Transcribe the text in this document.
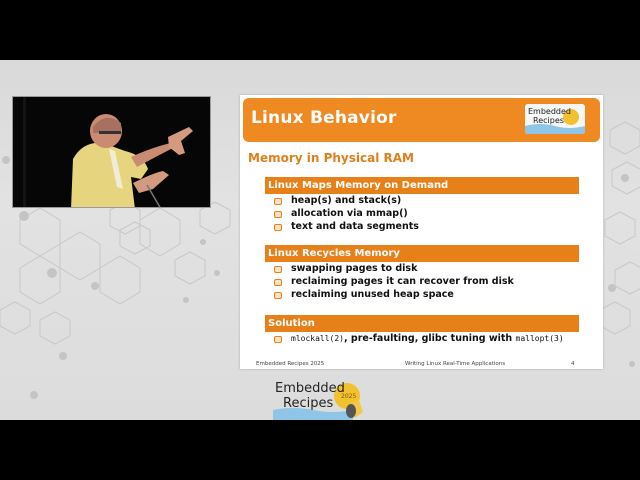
Linux Behavior	Embedded
Recipes
Memory in Physical RAM
Linux Maps Memory on Demand
heap(s) and stack(s)
allocation via mmap()
text and data segments
Linux Recycles Memory
swapping pages to disk
reclaiming pages it can recover from disk
reclaiming unused heap space
Solution
mlockall(2), pre-faulting, glibc tuning with mallopt(3)
Embedded Recipes 2025	Writing Linux Real-Time Applications	4
2025
Embedded
Recipes
